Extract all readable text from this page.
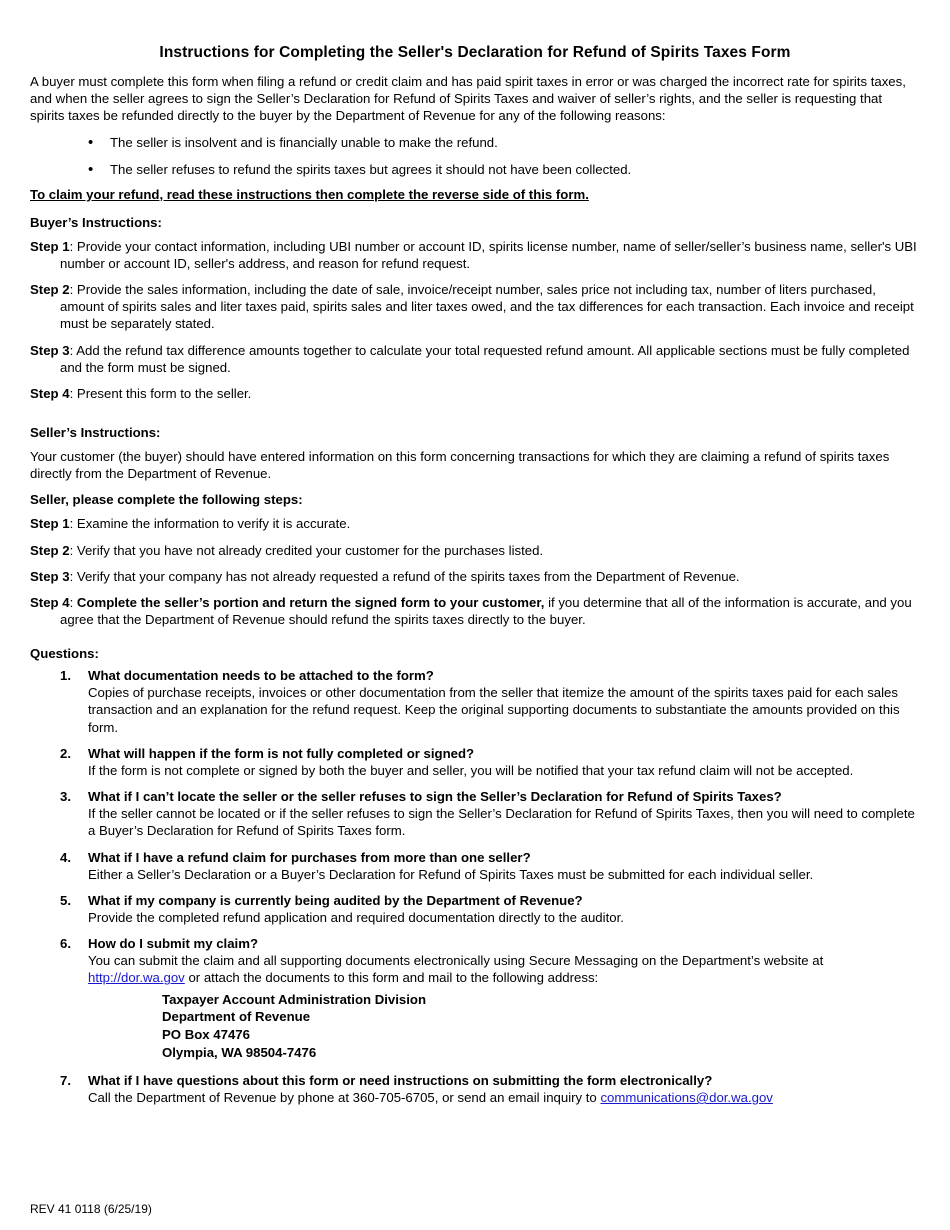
Instructions for Completing the Seller's Declaration for Refund of Spirits Taxes Form

A buyer must complete this form when filing a refund or credit claim and has paid spirit taxes in error or was charged the incorrect rate for spirits taxes, and when the seller agrees to sign the Seller’s Declaration for Refund of Spirits Taxes and waiver of seller’s rights, and the seller is requesting that spirits taxes be refunded directly to the buyer by the Department of Revenue for any of the following reasons:

• The seller is insolvent and is financially unable to make the refund.
• The seller refuses to refund the spirits taxes but agrees it should not have been collected.
To claim your refund, read these instructions then complete the reverse side of this form.
Buyer’s Instructions:
Step 1: Provide your contact information, including UBI number or account ID, spirits license number, name of seller/seller’s business name, seller's UBI number or account ID, seller's address, and reason for refund request.
Step 2: Provide the sales information, including the date of sale, invoice/receipt number, sales price not including tax, number of liters purchased, amount of spirits sales and liter taxes paid, spirits sales and liter taxes owed, and the tax differences for each transaction. Each invoice and receipt must be separately stated.
Step 3: Add the refund tax difference amounts together to calculate your total requested refund amount. All applicable sections must be fully completed and the form must be signed.
Step 4: Present this form to the seller.
Seller’s Instructions:

Your customer (the buyer) should have entered information on this form concerning transactions for which they are claiming a refund of spirits taxes directly from the Department of Revenue.

Seller, please complete the following steps:
Step 1: Examine the information to verify it is accurate.
Step 2: Verify that you have not already credited your customer for the purchases listed.
Step 3: Verify that your company has not already requested a refund of the spirits taxes from the Department of Revenue.
Step 4: Complete the seller’s portion and return the signed form to your customer, if you determine that all of the information is accurate, and you agree that the Department of Revenue should refund the spirits taxes directly to the buyer.
Questions:
What documentation needs to be attached to the form?
Copies of purchase receipts, invoices or other documentation from the seller that itemize the amount of the spirits taxes paid for each sales transaction and an explanation for the refund request. Keep the original supporting documents to substantiate the amounts provided on this form.
What will happen if the form is not fully completed or signed?
If the form is not complete or signed by both the buyer and seller, you will be notified that your tax refund claim will not be accepted.
What if I can’t locate the seller or the seller refuses to sign the Seller’s Declaration for Refund of Spirits Taxes?
If the seller cannot be located or if the seller refuses to sign the Seller’s Declaration for Refund of Spirits Taxes, then you will need to complete a Buyer’s Declaration for Refund of Spirits Taxes form.
What if I have a refund claim for purchases from more than one seller?
Either a Seller’s Declaration or a Buyer’s Declaration for Refund of Spirits Taxes must be submitted for each individual seller.
What if my company is currently being audited by the Department of Revenue?
Provide the completed refund application and required documentation directly to the auditor.
How do I submit my claim?
You can submit the claim and all supporting documents electronically using Secure Messaging on the Department’s website at http://dor.wa.gov or attach the documents to this form and mail to the following address:
Taxpayer Account Administration Division
Department of Revenue
PO Box 47476
Olympia, WA 98504-7476
What if I have questions about this form or need instructions on submitting the form electronically?
Call the Department of Revenue by phone at 360-705-6705, or send an email inquiry to communications@dor.wa.gov
REV 41 0118 (6/25/19)
